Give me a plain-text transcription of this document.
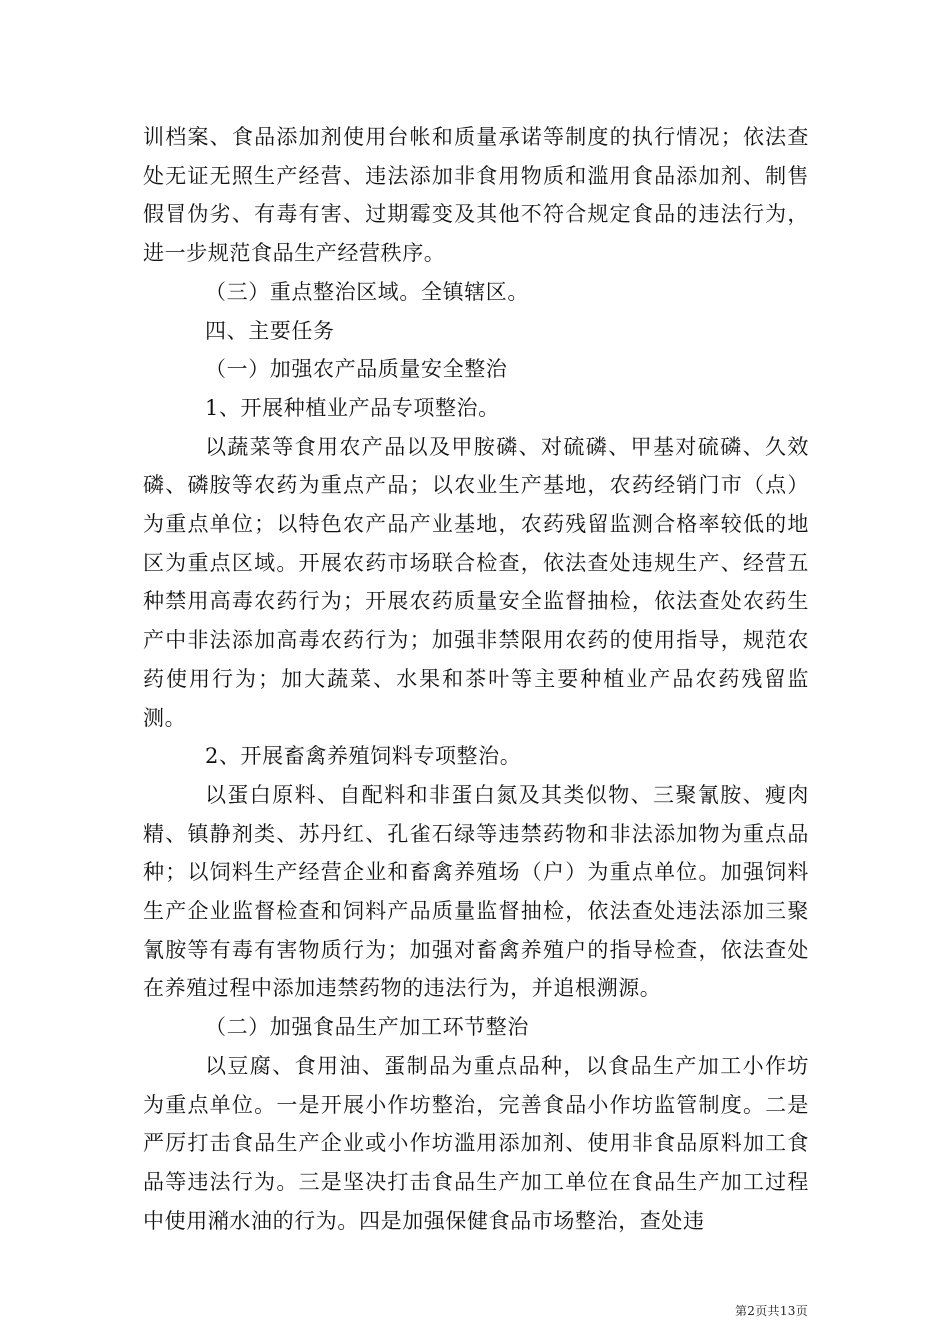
训档案、食品添加剂使用台帐和质量承诺等制度的执行情况；依法查处无证无照生产经营、违法添加非食用物质和滥用食品添加剂、制售假冒伪劣、有毒有害、过期霉变及其他不符合规定食品的违法行为，进一步规范食品生产经营秩序。

（三）重点整治区域。全镇辖区。

四、主要任务

（一）加强农产品质量安全整治

1、开展种植业产品专项整治。

以蔬菜等食用农产品以及甲胺磷、对硫磷、甲基对硫磷、久效磷、磷胺等农药为重点产品；以农业生产基地，农药经销门市（点）为重点单位；以特色农产品产业基地，农药残留监测合格率较低的地区为重点区域。开展农药市场联合检查，依法查处违规生产、经营五种禁用高毒农药行为；开展农药质量安全监督抽检，依法查处农药生产中非法添加高毒农药行为；加强非禁限用农药的使用指导，规范农药使用行为；加大蔬菜、水果和茶叶等主要种植业产品农药残留监测。

2、开展畜禽养殖饲料专项整治。

以蛋白原料、自配料和非蛋白氮及其类似物、三聚氰胺、瘦肉精、镇静剂类、苏丹红、孔雀石绿等违禁药物和非法添加物为重点品种；以饲料生产经营企业和畜禽养殖场（户）为重点单位。加强饲料生产企业监督检查和饲料产品质量监督抽检，依法查处违法添加三聚氰胺等有毒有害物质行为；加强对畜禽养殖户的指导检查，依法查处在养殖过程中添加违禁药物的违法行为，并追根溯源。

（二）加强食品生产加工环节整治

以豆腐、食用油、蛋制品为重点品种，以食品生产加工小作坊为重点单位。一是开展小作坊整治，完善食品小作坊监管制度。二是严厉打击食品生产企业或小作坊滥用添加剂、使用非食品原料加工食品等违法行为。三是坚决打击食品生产加工单位在食品生产加工过程中使用潲水油的行为。四是加强保健食品市场整治，查处违

第2页共13页
